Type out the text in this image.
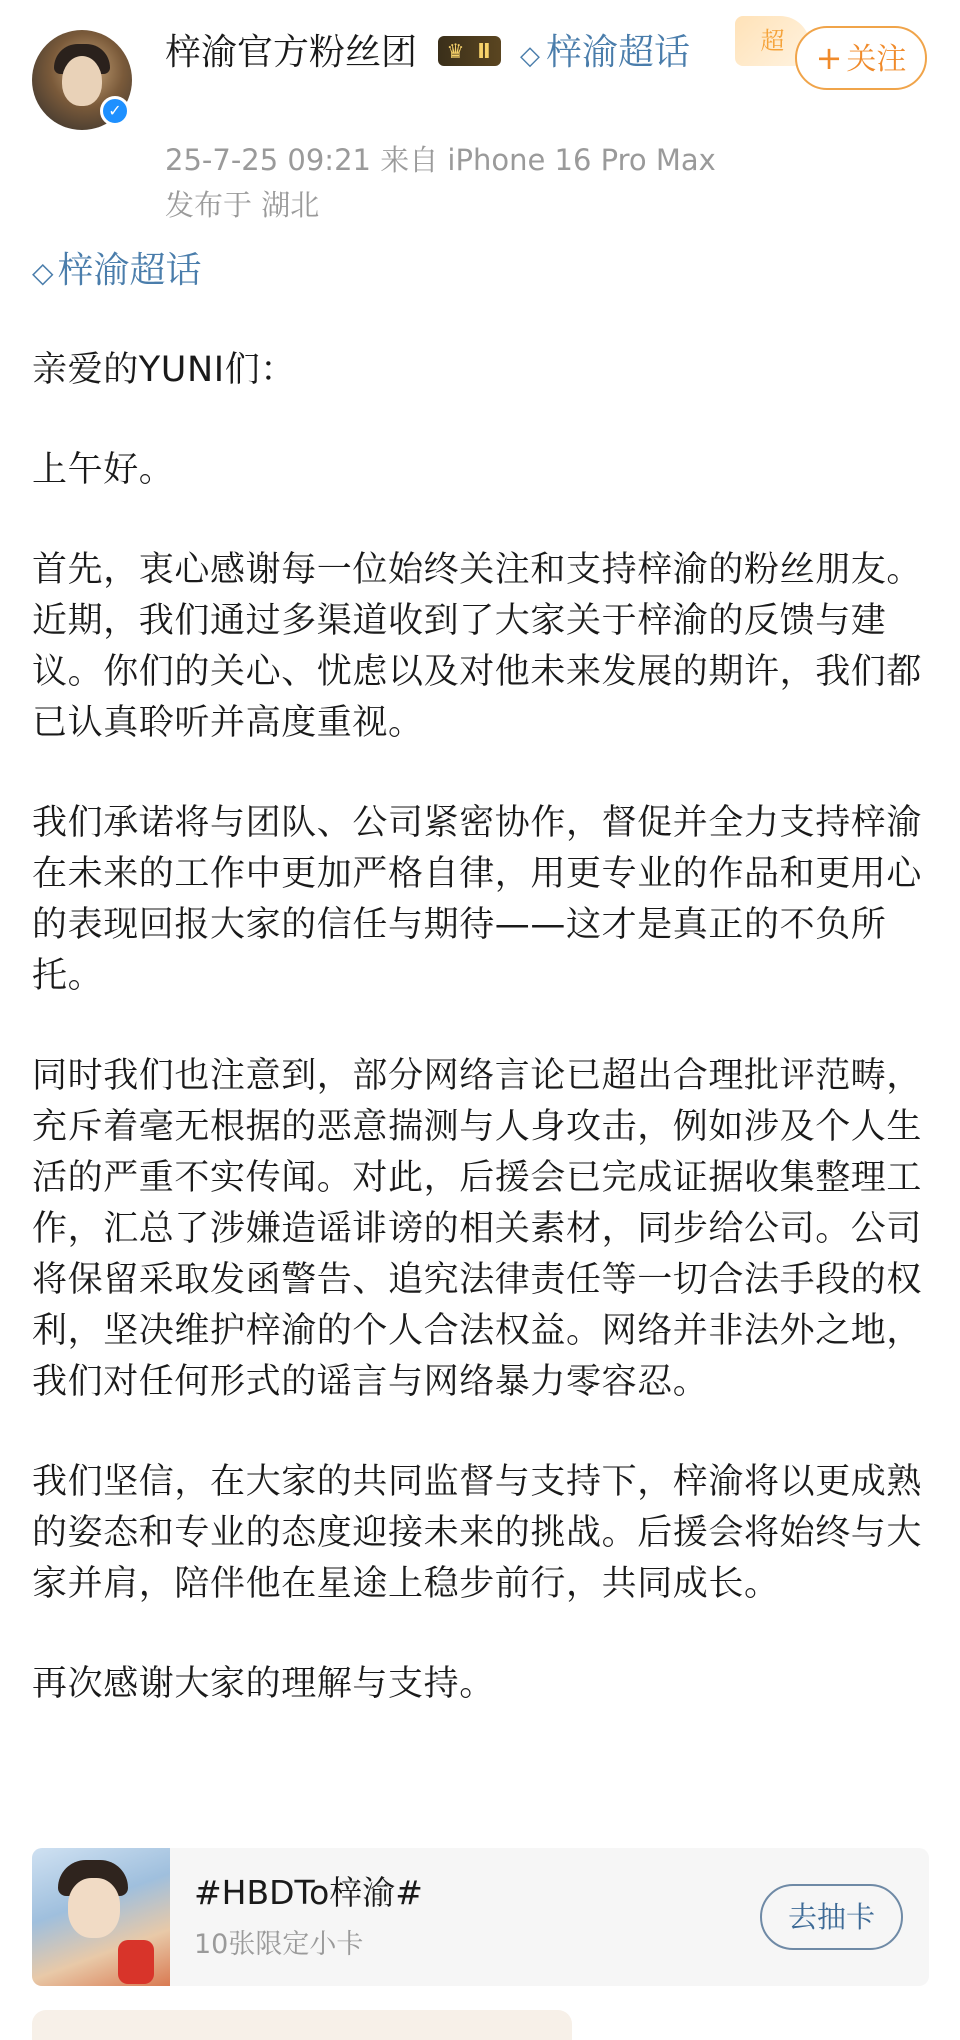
✓
梓渝官方粉丝团 ♛ Ⅱ ◇ 梓渝超话
25-7-25 09:21 来自 iPhone 16 Pro Max
发布于 湖北
超 + 关注
◇ 梓渝超话

亲爱的YUNI们：

上午好。

首先，衷心感谢每一位始终关注和支持梓渝的粉丝朋友。近期，我们通过多渠道收到了大家关于梓渝的反馈与建议。你们的关心、忧虑以及对他未来发展的期许，我们都已认真聆听并高度重视。

我们承诺将与团队、公司紧密协作，督促并全力支持梓渝在未来的工作中更加严格自律，用更专业的作品和更用心的表现回报大家的信任与期待——这才是真正的不负所托。

同时我们也注意到，部分网络言论已超出合理批评范畴，充斥着毫无根据的恶意揣测与人身攻击，例如涉及个人生活的严重不实传闻。对此，后援会已完成证据收集整理工作，汇总了涉嫌造谣诽谤的相关素材，同步给公司。公司将保留采取发函警告、追究法律责任等一切合法手段的权利，坚决维护梓渝的个人合法权益。网络并非法外之地，我们对任何形式的谣言与网络暴力零容忍。

我们坚信，在大家的共同监督与支持下，梓渝将以更成熟的姿态和专业的态度迎接未来的挑战。后援会将始终与大家并肩，陪伴他在星途上稳步前行，共同成长。

再次感谢大家的理解与支持。

#HBDTo梓渝#
10张限定小卡
去抽卡
